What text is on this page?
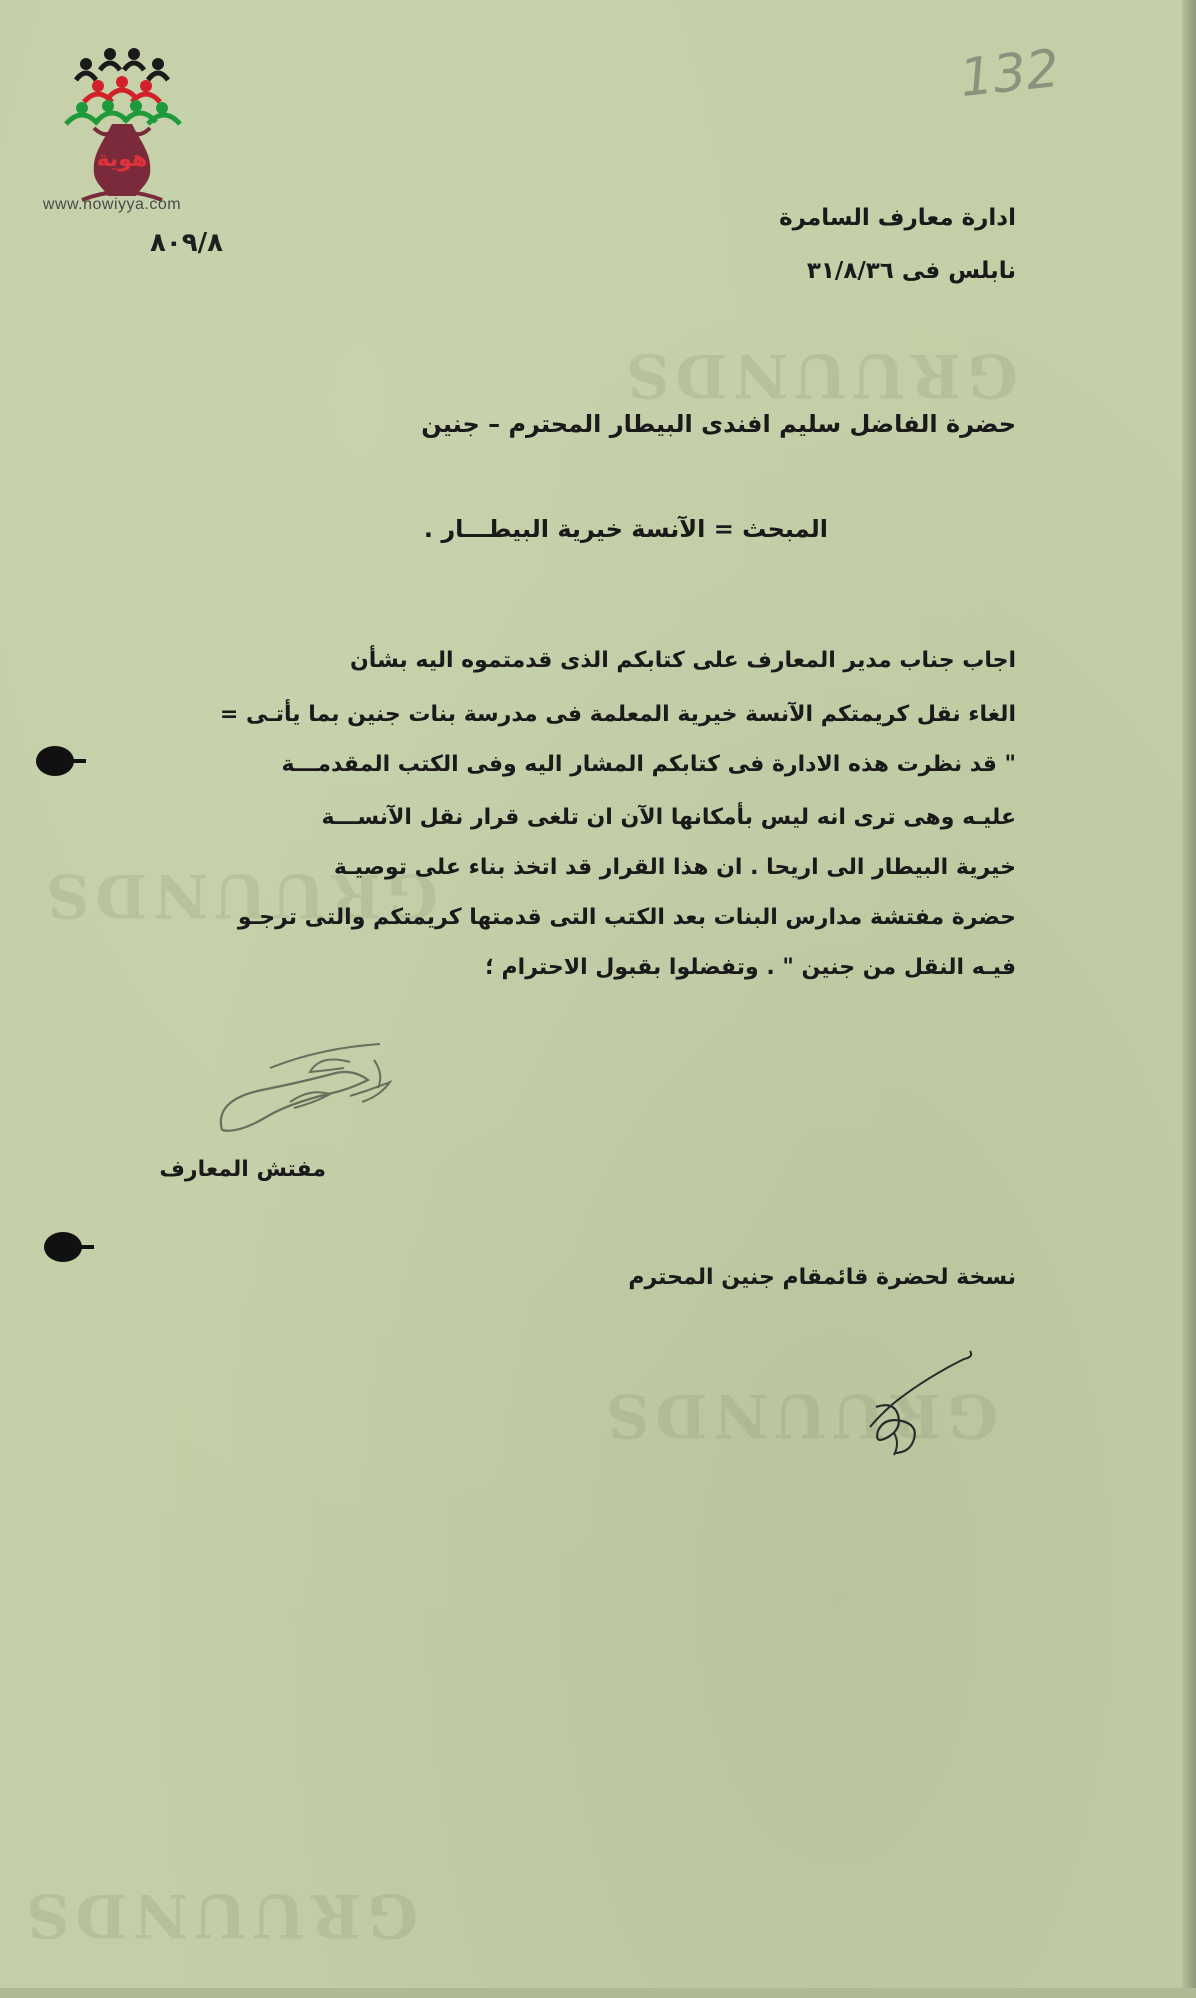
GRUUNDS
GRUUNDS
GRUUNDS
GRUUNDS
هوية
www.howiyya.com
132
٨٠٩/٨
ادارة معارف السامرة
نابلس فى ٣١/٨/٣٦
حضرة الفاضل سليم افندى البيطار المحترم – جنين
المبحث = الآنسة خيرية البيطـــار .
اجاب جناب مدير المعارف على كتابكم الذى قدمتموه اليه بشأن
الغاء نقل كريمتكم الآنسة خيرية المعلمة فى مدرسة بنات جنين بما يأتـى =
" قد نظرت هذه الادارة فى كتابكم المشار اليه وفى الكتب المقدمـــة
عليـه وهى ترى انه ليس بأمكانها الآن ان تلغى قرار نقل الآنســـة
خيرية البيطار الى اريحا . ان هذا القرار قد اتخذ بناء على توصيـة
حضرة مفتشة مدارس البنات بعد الكتب التى قدمتها كريمتكم والتى ترجـو
فيـه النقل من جنين " . وتفضلوا بقبول الاحترام ؛
مفتش المعارف
نسخة لحضرة قائمقام جنين المحترم
